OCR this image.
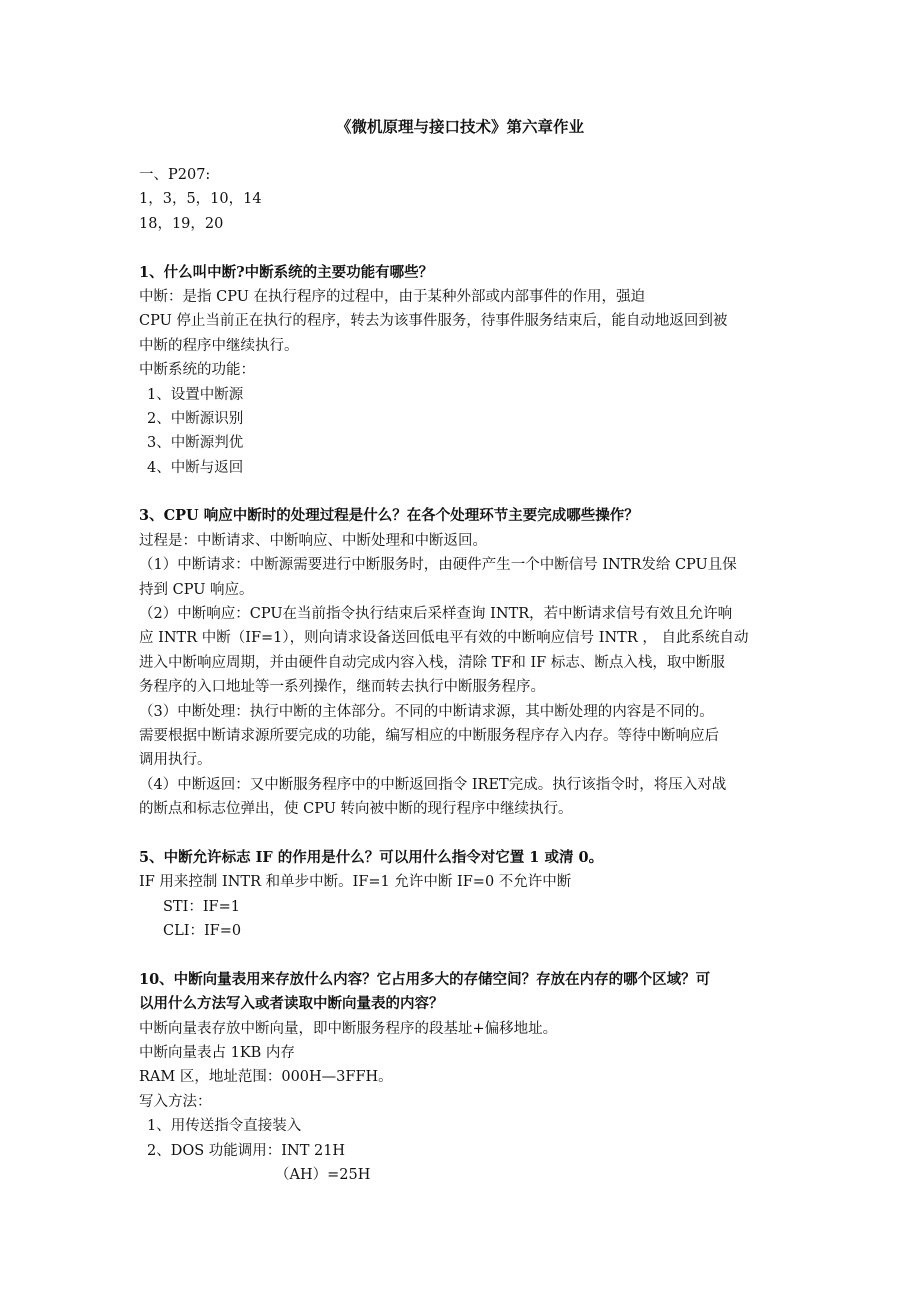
《微机原理与接口技术》第六章作业
一、P207:
1，3，5，10，14
18，19，20
1、什么叫中断?中断系统的主要功能有哪些？
中断：是指 CPU 在执行程序的过程中，由于某种外部或内部事件的作用，强迫
CPU 停止当前正在执行的程序，转去为该事件服务，待事件服务结束后，能自动地返回到被
中断的程序中继续执行。
中断系统的功能：
1、设置中断源
2、中断源识别
3、中断源判优
4、中断与返回
3、CPU 响应中断时的处理过程是什么？在各个处理环节主要完成哪些操作？
过程是：中断请求、中断响应、中断处理和中断返回。
（1）中断请求：中断源需要进行中断服务时，由硬件产生一个中断信号 INTR发给 CPU且保
持到 CPU 响应。
（2）中断响应：CPU在当前指令执行结束后采样查询 INTR，若中断请求信号有效且允许响
应 INTR 中断（IF=1），则向请求设备送回低电平有效的中断响应信号 INTR ， 自此系统自动
进入中断响应周期，并由硬件自动完成内容入栈，清除 TF和 IF 标志、断点入栈，取中断服
务程序的入口地址等一系列操作，继而转去执行中断服务程序。
（3）中断处理：执行中断的主体部分。不同的中断请求源，其中断处理的内容是不同的。
需要根据中断请求源所要完成的功能，编写相应的中断服务程序存入内存。等待中断响应后
调用执行。
（4）中断返回：又中断服务程序中的中断返回指令 IRET完成。执行该指令时，将压入对战
的断点和标志位弹出，使 CPU 转向被中断的现行程序中继续执行。
5、中断允许标志 IF 的作用是什么？可以用什么指令对它置 1 或清 0。
IF 用来控制 INTR 和单步中断。IF=1 允许中断 IF=0 不允许中断
STI：IF=1
CLI：IF=0
10、中断向量表用来存放什么内容？它占用多大的存储空间？存放在内存的哪个区域？可
以用什么方法写入或者读取中断向量表的内容？
中断向量表存放中断向量，即中断服务程序的段基址+偏移地址。
中断向量表占 1KB 内存
RAM 区，地址范围：000H—3FFH。
写入方法：
1、用传送指令直接装入
2、DOS 功能调用：INT 21H
（AH）=25H
